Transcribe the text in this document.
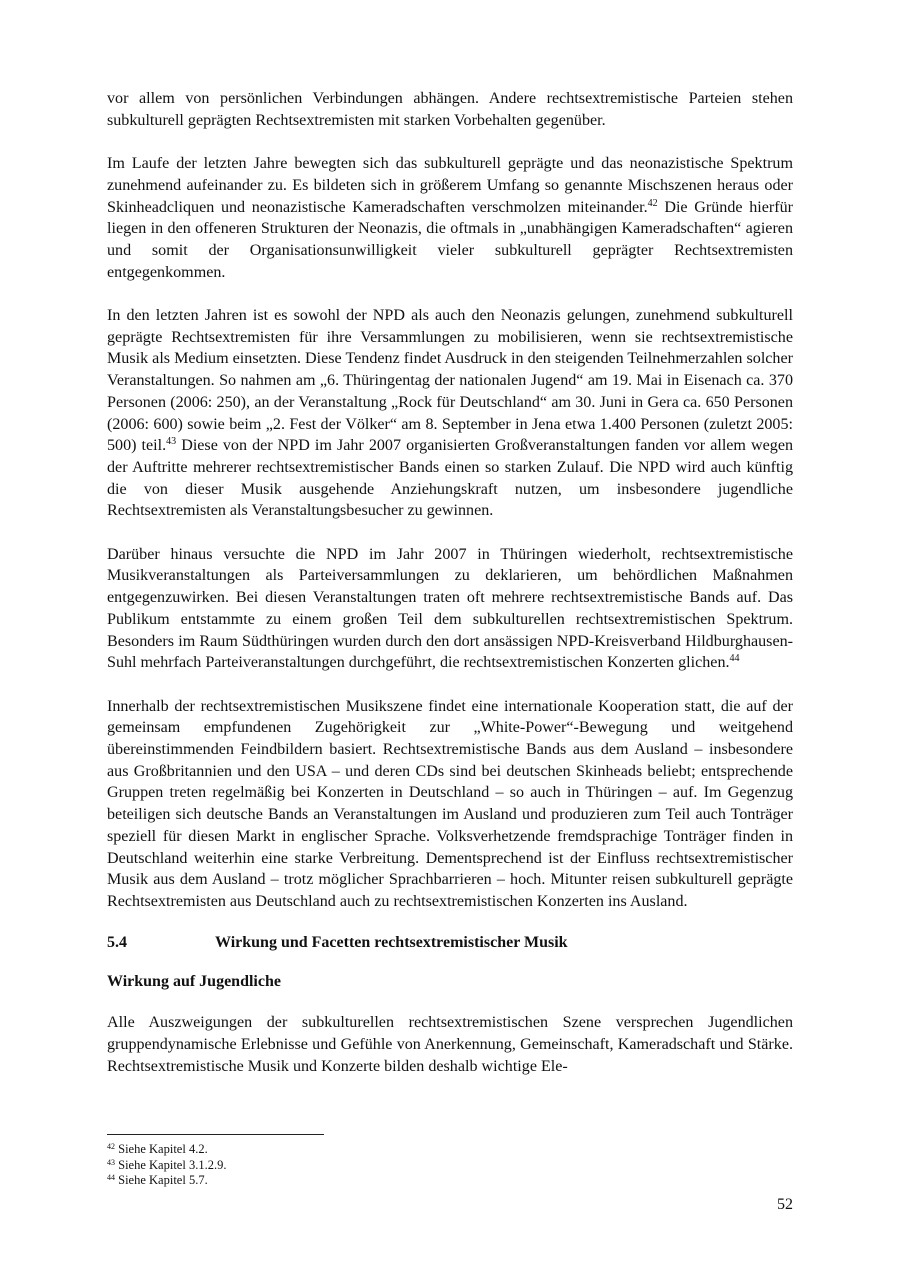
vor allem von persönlichen Verbindungen abhängen. Andere rechtsextremistische Parteien stehen subkulturell geprägten Rechtsextremisten mit starken Vorbehalten gegenüber.

Im Laufe der letzten Jahre bewegten sich das subkulturell geprägte und das neonazistische Spektrum zunehmend aufeinander zu. Es bildeten sich in größerem Umfang so genannte Mischszenen heraus oder Skinheadcliquen und neonazistische Kameradschaften verschmolzen miteinander.$^{42}$ Die Gründe hierfür liegen in den offeneren Strukturen der Neonazis, die oftmals in „unabhängigen Kameradschaften“ agieren und somit der Organisationsunwilligkeit vieler subkulturell geprägter Rechtsextremisten entgegenkommen.

In den letzten Jahren ist es sowohl der NPD als auch den Neonazis gelungen, zunehmend subkulturell geprägte Rechtsextremisten für ihre Versammlungen zu mobilisieren, wenn sie rechtsextremistische Musik als Medium einsetzten. Diese Tendenz findet Ausdruck in den steigenden Teilnehmerzahlen solcher Veranstaltungen. So nahmen am „6. Thüringentag der nationalen Jugend“ am 19. Mai in Eisenach ca. 370 Personen (2006: 250), an der Veranstaltung „Rock für Deutschland“ am 30. Juni in Gera ca. 650 Personen (2006: 600) sowie beim „2. Fest der Völker“ am 8. September in Jena etwa 1.400 Personen (zuletzt 2005: 500) teil.$^{43}$ Diese von der NPD im Jahr 2007 organisierten Großveranstaltungen fanden vor allem wegen der Auftritte mehrerer rechtsextremistischer Bands einen so starken Zulauf. Die NPD wird auch künftig die von dieser Musik ausgehende Anziehungskraft nutzen, um insbesondere jugendliche Rechtsextremisten als Veranstaltungsbesucher zu gewinnen.

Darüber hinaus versuchte die NPD im Jahr 2007 in Thüringen wiederholt, rechtsextremistische Musikveranstaltungen als Parteiversammlungen zu deklarieren, um behördlichen Maßnahmen entgegenzuwirken. Bei diesen Veranstaltungen traten oft mehrere rechtsextremistische Bands auf. Das Publikum entstammte zu einem großen Teil dem subkulturellen rechtsextremistischen Spektrum. Besonders im Raum Südthüringen wurden durch den dort ansässigen NPD-Kreisverband Hildburghausen-Suhl mehrfach Parteiveranstaltungen durchgeführt, die rechtsextremistischen Konzerten glichen.$^{44}$

Innerhalb der rechtsextremistischen Musikszene findet eine internationale Kooperation statt, die auf der gemeinsam empfundenen Zugehörigkeit zur „White-Power“-Bewegung und weitgehend übereinstimmenden Feindbildern basiert. Rechtsextremistische Bands aus dem Ausland – insbesondere aus Großbritannien und den USA – und deren CDs sind bei deutschen Skinheads beliebt; entsprechende Gruppen treten regelmäßig bei Konzerten in Deutschland – so auch in Thüringen – auf. Im Gegenzug beteiligen sich deutsche Bands an Veranstaltungen im Ausland und produzieren zum Teil auch Tonträger speziell für diesen Markt in englischer Sprache. Volksverhetzende fremdsprachige Tonträger finden in Deutschland weiterhin eine starke Verbreitung. Dementsprechend ist der Einfluss rechtsextremistischer Musik aus dem Ausland – trotz möglicher Sprachbarrieren – hoch. Mitunter reisen subkulturell geprägte Rechtsextremisten aus Deutschland auch zu rechtsextremistischen Konzerten ins Ausland.

5.4	Wirkung und Facetten rechtsextremistischer Musik
Wirkung auf Jugendliche

Alle Auszweigungen der subkulturellen rechtsextremistischen Szene versprechen Jugendlichen gruppendynamische Erlebnisse und Gefühle von Anerkennung, Gemeinschaft, Kameradschaft und Stärke. Rechtsextremistische Musik und Konzerte bilden deshalb wichtige Ele-

$^{42}$ Siehe Kapitel 4.2.
$^{43}$ Siehe Kapitel 3.1.2.9.
$^{44}$ Siehe Kapitel 5.7.
52
